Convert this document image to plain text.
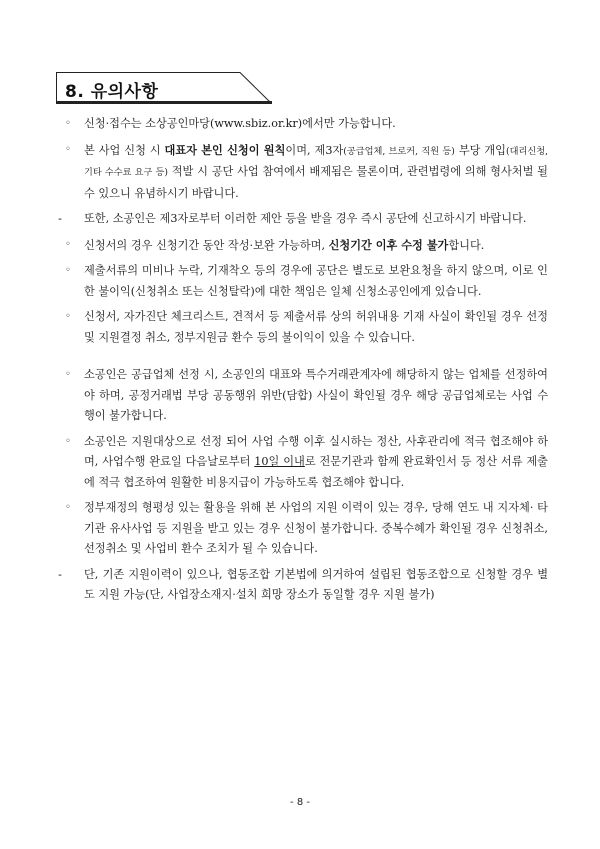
8. 유의사항
◦ 신청·접수는 소상공인마당(www.sbiz.or.kr)에서만 가능합니다.
◦ 본 사업 신청 시 대표자 본인 신청이 원칙이며, 제3자(공급업체, 브로커, 직원 등) 부당 개입(대리신청, 기타 수수료 요구 등) 적발 시 공단 사업 참여에서 배제됨은 물론이며, 관련법령에 의해 형사처벌 될 수 있으니 유념하시기 바랍니다.
- 또한, 소공인은 제3자로부터 이러한 제안 등을 받을 경우 즉시 공단에 신고하시기 바랍니다.
◦ 신청서의 경우 신청기간 동안 작성·보완 가능하며, 신청기간 이후 수정 불가합니다.
◦ 제출서류의 미비나 누락, 기재착오 등의 경우에 공단은 별도로 보완요청을 하지 않으며, 이로 인한 불이익(신청취소 또는 신청탈락)에 대한 책임은 일체 신청소공인에게 있습니다.
◦ 신청서, 자가진단 체크리스트, 견적서 등 제출서류 상의 허위내용 기재 사실이 확인될 경우 선정 및 지원결정 취소, 정부지원금 환수 등의 불이익이 있을 수 있습니다.
◦ 소공인은 공급업체 선정 시, 소공인의 대표와 특수거래관계자에 해당하지 않는 업체를 선정하여야 하며, 공정거래법 부당 공동행위 위반(담합) 사실이 확인될 경우 해당 공급업체로는 사업 수행이 불가합니다.
◦ 소공인은 지원대상으로 선정 되어 사업 수행 이후 실시하는 정산, 사후관리에 적극 협조해야 하며, 사업수행 완료일 다음날로부터 10일 이내로 전문기관과 함께 완료확인서 등 정산 서류 제출에 적극 협조하여 원활한 비용지급이 가능하도록 협조해야 합니다.
◦ 정부재정의 형평성 있는 활용을 위해 본 사업의 지원 이력이 있는 경우, 당해 연도 내 지자체· 타 기관 유사사업 등 지원을 받고 있는 경우 신청이 불가합니다. 중복수혜가 확인될 경우 신청취소, 선정취소 및 사업비 환수 조치가 될 수 있습니다.
- 단, 기존 지원이력이 있으나, 협동조합 기본법에 의거하여 설립된 협동조합으로 신청할 경우 별도 지원 가능(단, 사업장소재지·설치 희망 장소가 동일할 경우 지원 불가)
- 8 -
